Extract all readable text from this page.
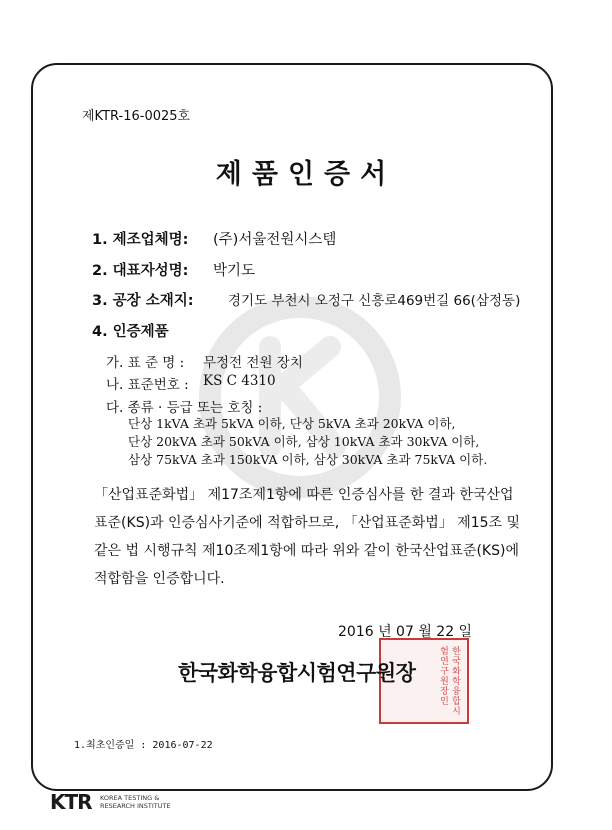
제KTR-16-0025호
제품인증서
1. 제조업체명: (주)서울전원시스템
2. 대표자성명: 박기도
3. 공장 소재지:	경기도 부천시 오정구 신흥로469번길 66(삼정동)
4. 인증제품
가. 표 준 명 : 무정전 전원 장치
나. 표준번호 : KS C 4310
다. 종류 · 등급 또는 호칭 :
단상 1kVA 초과 5kVA 이하, 단상 5kVA 초과 20kVA 이하,
단상 20kVA 초과 50kVA 이하, 삼상 10kVA 초과 30kVA 이하,
삼상 75kVA 초과 150kVA 이하, 삼상 30kVA 초과 75kVA 이하.
「산업표준화법」 제17조제1항에 따른 인증심사를 한 결과 한국산업
표준(KS)과 인증심사기준에 적합하므로, 「산업표준화법」 제15조 및
같은 법 시행규칙 제10조제1항에 따라 위와 같이 한국산업표준(KS)에
적합함을 인증합니다.
2016 년 07 월 22 일
한국화학융합시험연구원장인
한국화학융합시험연구원장
1.최초인증일 : 2016-07-22
KTR KOREA TESTING &
RESEARCH INSTITUTE
